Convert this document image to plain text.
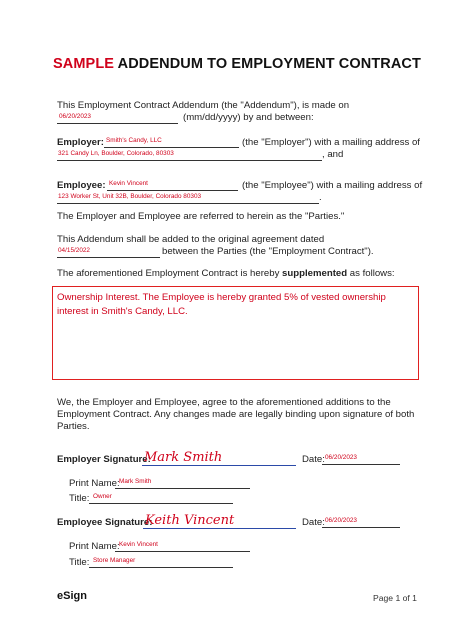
SAMPLE ADDENDUM TO EMPLOYMENT CONTRACT
This Employment Contract Addendum (the "Addendum"), is made on
06/20/2023	(mm/dd/yyyy) by and between:
Employer: Smith's Candy, LLC	(the "Employer") with a mailing address of
321 Candy Ln, Boulder, Colorado, 80303	, and
Employee: Kevin Vincent	(the "Employee") with a mailing address of
123 Worker St, Unit 32B, Boulder, Colorado 80303	.
The Employer and Employee are referred to herein as the "Parties."
This Addendum shall be added to the original agreement dated
04/15/2022	between the Parties (the "Employment Contract").
The aforementioned Employment Contract is hereby supplemented as follows:
Ownership Interest. The Employee is hereby granted 5% of vested ownership interest in Smith's Candy, LLC.
We, the Employer and Employee, agree to the aforementioned additions to the
Employment Contract. Any changes made are legally binding upon signature of both
Parties.
Employer Signature:
Mark Smith	Date: 06/20/2023
Print Name: Mark Smith
Title: Owner
Employee Signature:
Keith Vincent	Date: 06/20/2023
Print Name: Kevin Vincent
Title: Store Manager
eSign	Page 1 of 1
